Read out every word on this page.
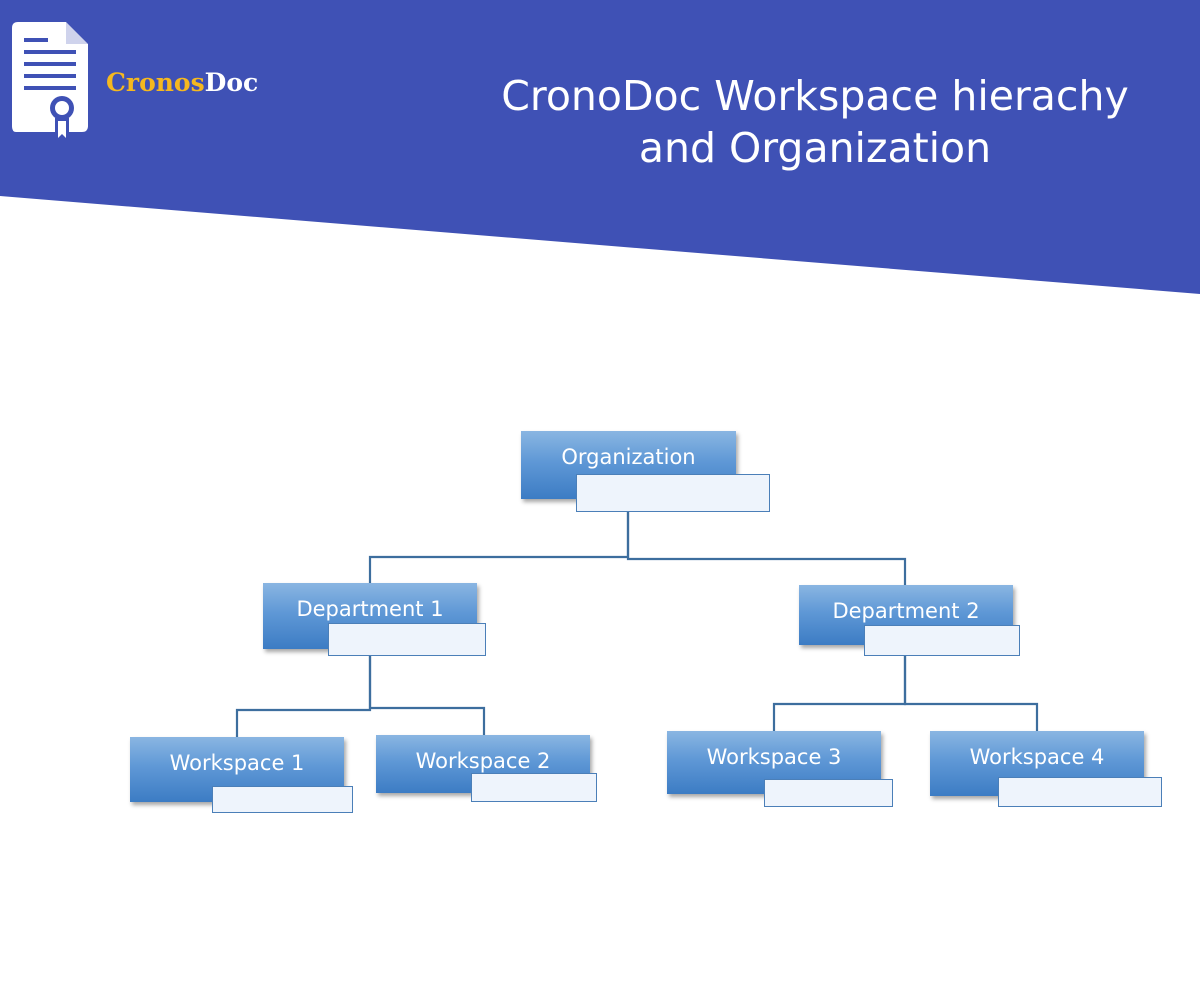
CronosDoc	CronoDoc Workspace hierachy
and Organization
Organization
Department 1	Department 2
Workspace 1	Workspace 2	Workspace 3	Workspace 4
